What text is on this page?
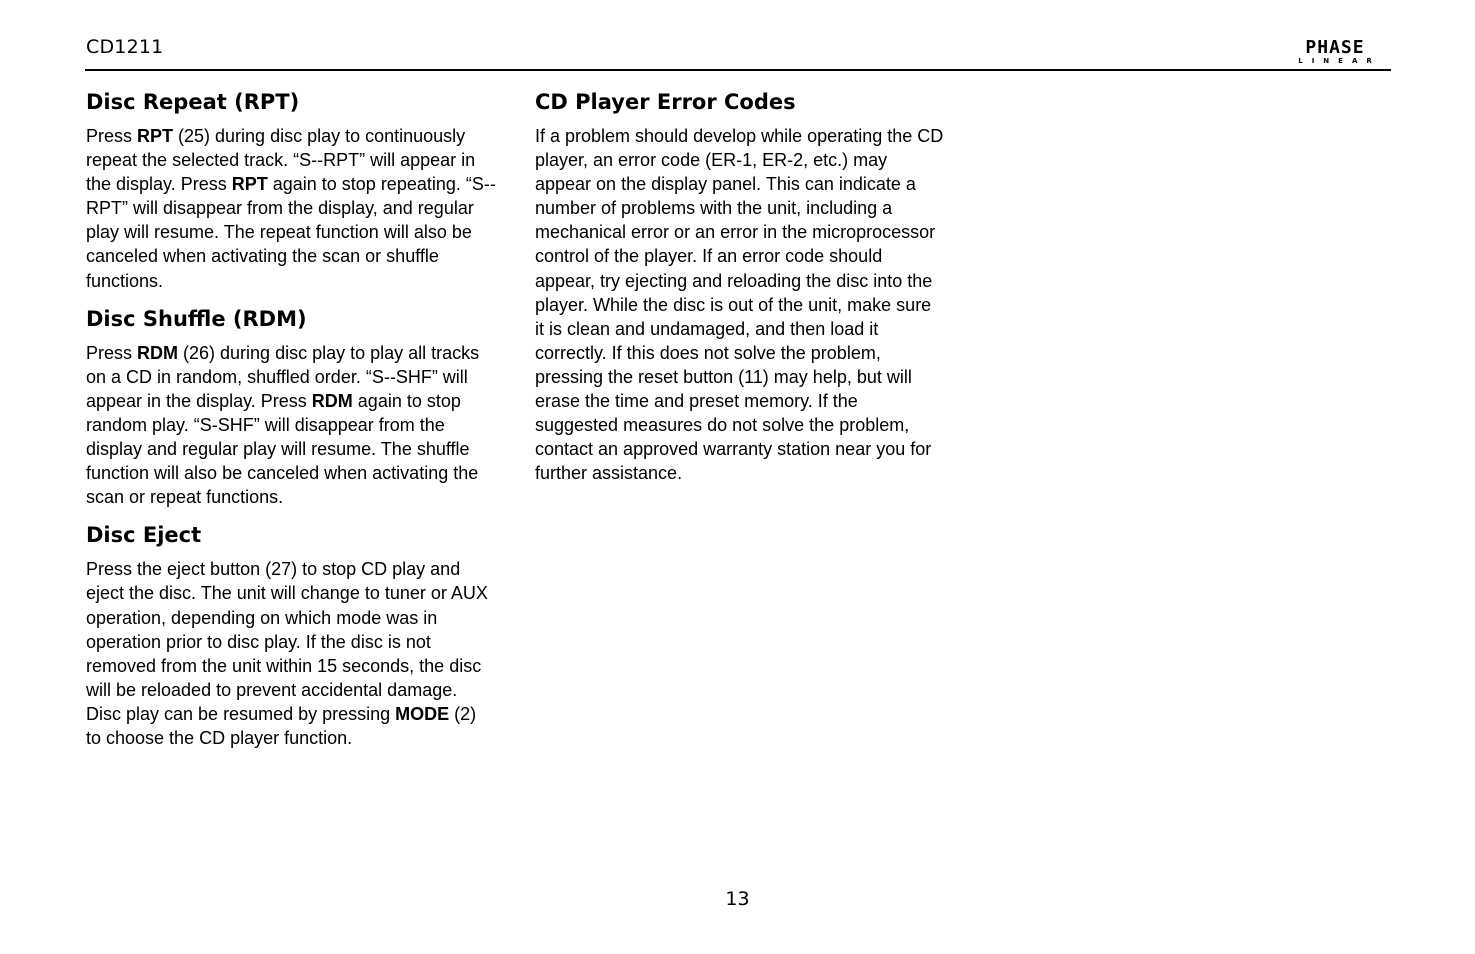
CD1211	PHASE
LINEAR
Disc Repeat (RPT)

Press RPT (25) during disc play to continuously repeat the selected track. “S--RPT” will appear in the display. Press RPT again to stop repeating. “S--RPT” will disappear from the display, and regular play will resume. The repeat function will also be canceled when activating the scan or shuffle functions.

Disc Shuffle (RDM)

Press RDM (26) during disc play to play all tracks on a CD in random, shuffled order. “S--SHF” will appear in the display. Press RDM again to stop random play. “S-SHF” will disappear from the display and regular play will resume. The shuffle function will also be canceled when activating the scan or repeat functions.

Disc Eject

Press the eject button (27) to stop CD play and eject the disc. The unit will change to tuner or AUX operation, depending on which mode was in operation prior to disc play. If the disc is not removed from the unit within 15 seconds, the disc will be reloaded to prevent accidental damage. Disc play can be resumed by pressing MODE (2) to choose the CD player function.

CD Player Error Codes

If a problem should develop while operating the CD player, an error code (ER-1, ER-2, etc.) may appear on the display panel. This can indicate a number of problems with the unit, including a mechanical error or an error in the microprocessor control of the player. If an error code should appear, try ejecting and reloading the disc into the player. While the disc is out of the unit, make sure it is clean and undamaged, and then load it correctly. If this does not solve the problem, pressing the reset button (11) may help, but will erase the time and preset memory. If the suggested measures do not solve the problem, contact an approved warranty station near you for further assistance.

13
